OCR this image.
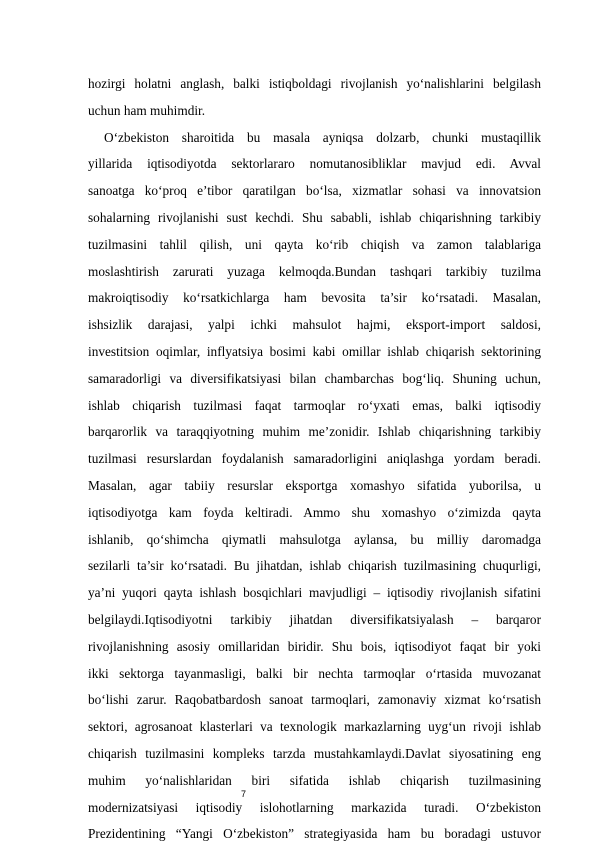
hozirgi holatni anglash, balki istiqboldagi rivojlanish yo‘nalishlarini belgilash
uchun ham muhimdir.
O‘zbekiston sharoitida bu masala ayniqsa dolzarb, chunki mustaqillik
yillarida iqtisodiyotda sektorlararo nomutanosibliklar mavjud edi. Avval
sanoatga ko‘proq e’tibor qaratilgan bo‘lsa, xizmatlar sohasi va innovatsion
sohalarning rivojlanishi sust kechdi. Shu sababli, ishlab chiqarishning tarkibiy
tuzilmasini tahlil qilish, uni qayta ko‘rib chiqish va zamon talablariga
moslashtirish zarurati yuzaga kelmoqda.Bundan tashqari tarkibiy tuzilma
makroiqtisodiy ko‘rsatkichlarga ham bevosita ta’sir ko‘rsatadi. Masalan,
ishsizlik darajasi, yalpi ichki mahsulot hajmi, eksport-import saldosi,
investitsion oqimlar, inflyatsiya bosimi kabi omillar ishlab chiqarish sektorining
samaradorligi va diversifikatsiyasi bilan chambarchas bog‘liq. Shuning uchun,
ishlab chiqarish tuzilmasi faqat tarmoqlar ro‘yxati emas, balki iqtisodiy
barqarorlik va taraqqiyotning muhim me’zonidir. Ishlab chiqarishning tarkibiy
tuzilmasi resurslardan foydalanish samaradorligini aniqlashga yordam beradi.
Masalan, agar tabiiy resurslar eksportga xomashyo sifatida yuborilsa, u
iqtisodiyotga kam foyda keltiradi. Ammo shu xomashyo o‘zimizda qayta
ishlanib, qo‘shimcha qiymatli mahsulotga aylansa, bu milliy daromadga
sezilarli ta’sir ko‘rsatadi. Bu jihatdan, ishlab chiqarish tuzilmasining chuqurligi,
ya’ni yuqori qayta ishlash bosqichlari mavjudligi – iqtisodiy rivojlanish sifatini
belgilaydi.Iqtisodiyotni tarkibiy jihatdan diversifikatsiyalash – barqaror
rivojlanishning asosiy omillaridan biridir. Shu bois, iqtisodiyot faqat bir yoki
ikki sektorga tayanmasligi, balki bir nechta tarmoqlar o‘rtasida muvozanat
bo‘lishi zarur. Raqobatbardosh sanoat tarmoqlari, zamonaviy xizmat ko‘rsatish
sektori, agrosanoat klasterlari va texnologik markazlarning uyg‘un rivoji ishlab
chiqarish tuzilmasini kompleks tarzda mustahkamlaydi.Davlat siyosatining eng
muhim yo‘nalishlaridan biri sifatida ishlab chiqarish tuzilmasining
modernizatsiyasi iqtisodiy islohotlarning markazida turadi. O‘zbekiston
Prezidentining “Yangi O‘zbekiston” strategiyasida ham bu boradagi ustuvor
7
